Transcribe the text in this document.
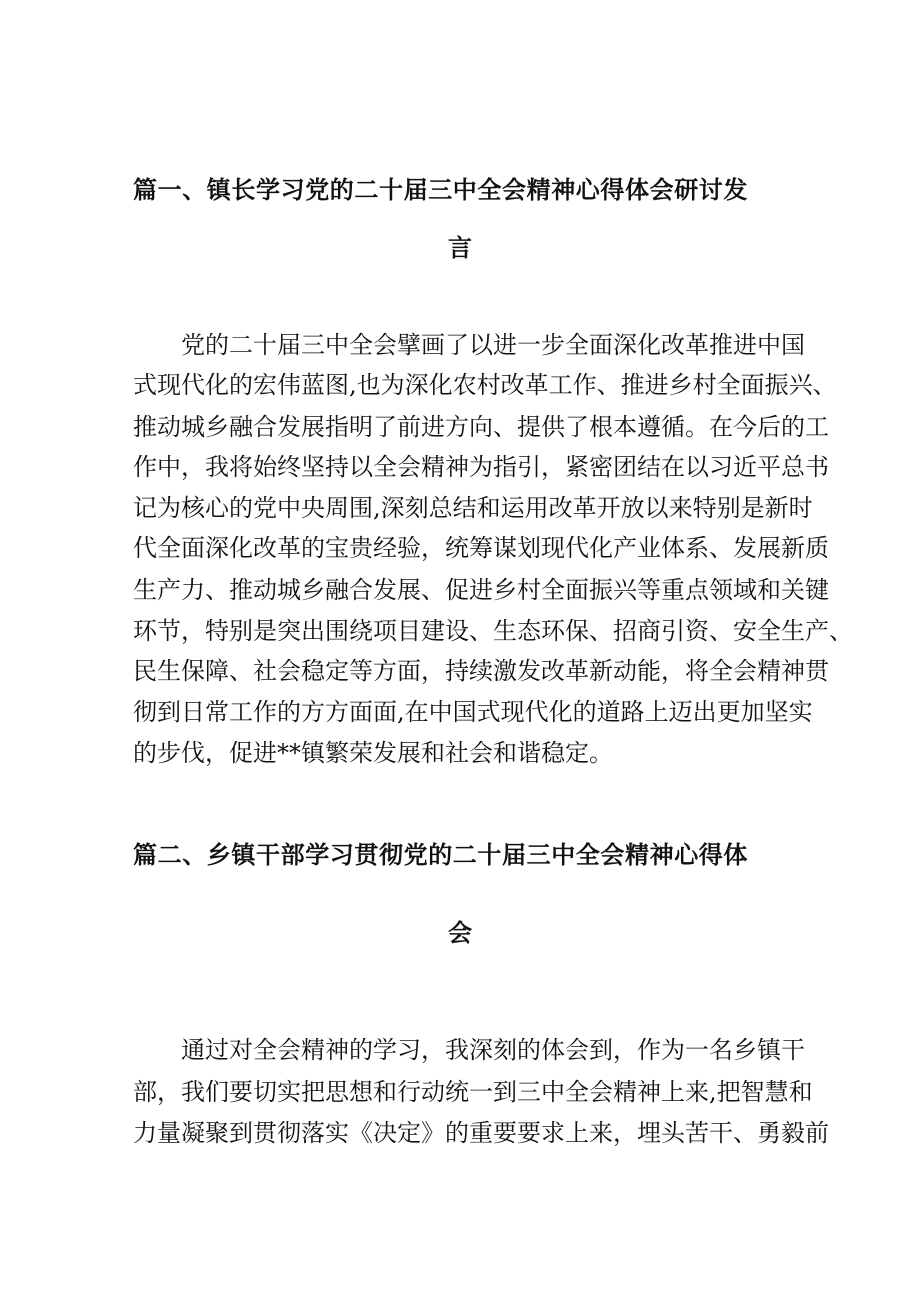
篇一、镇长学习党的二十届三中全会精神心得体会研讨发
言
党的二十届三中全会擘画了以进一步全面深化改革推进中国
式现代化的宏伟蓝图,也为深化农村改革工作、推进乡村全面振兴、
推动城乡融合发展指明了前进方向、提供了根本遵循。在今后的工
作中，我将始终坚持以全会精神为指引，紧密团结在以习近平总书
记为核心的党中央周围,深刻总结和运用改革开放以来特别是新时
代全面深化改革的宝贵经验，统筹谋划现代化产业体系、发展新质
生产力、推动城乡融合发展、促进乡村全面振兴等重点领域和关键
环节，特别是突出围绕项目建设、生态环保、招商引资、安全生产、
民生保障、社会稳定等方面，持续激发改革新动能，将全会精神贯
彻到日常工作的方方面面,在中国式现代化的道路上迈出更加坚实
的步伐，促进**镇繁荣发展和社会和谐稳定。
篇二、乡镇干部学习贯彻党的二十届三中全会精神心得体
会
通过对全会精神的学习，我深刻的体会到，作为一名乡镇干
部，我们要切实把思想和行动统一到三中全会精神上来,把智慧和
力量凝聚到贯彻落实《决定》的重要要求上来，埋头苦干、勇毅前
